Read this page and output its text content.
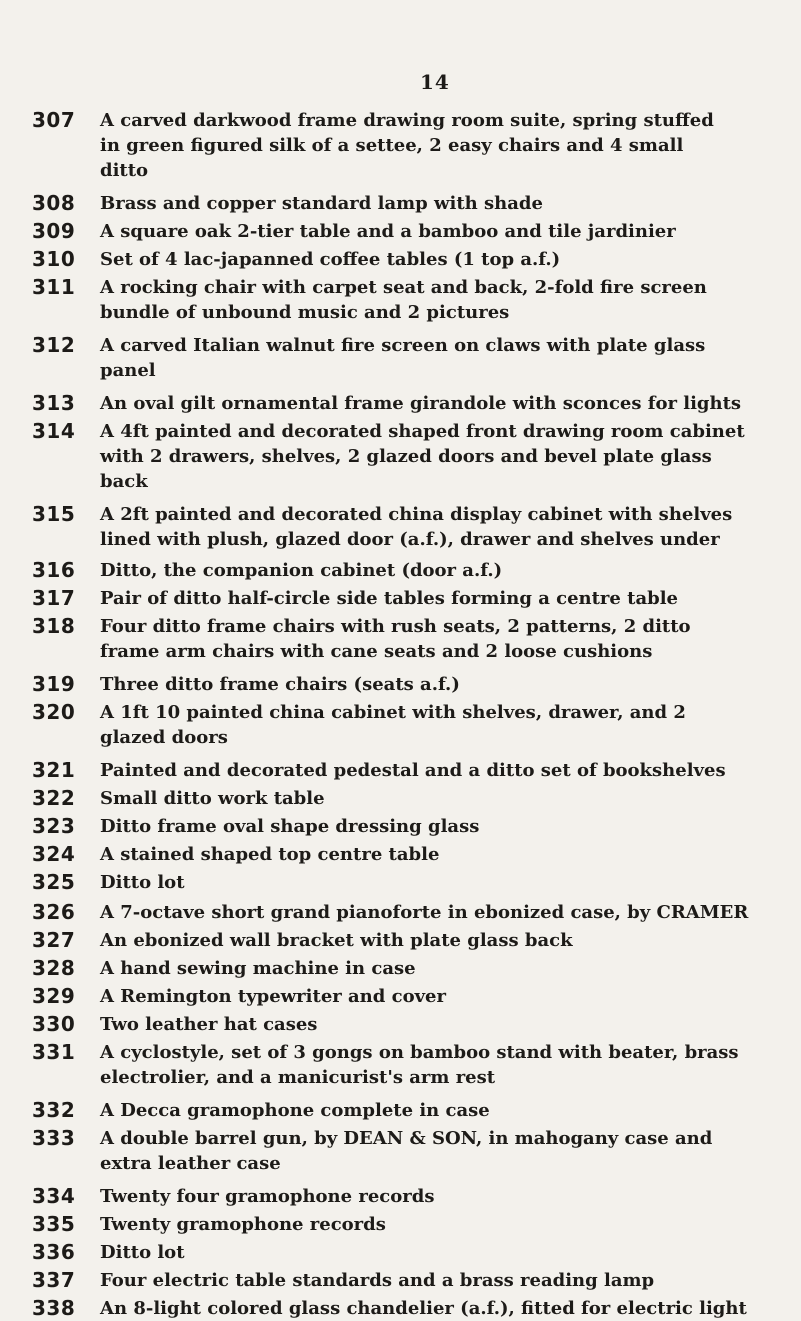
14
307	A carved darkwood frame drawing room suite, spring stuffed
in green figured silk of a settee, 2 easy chairs and 4 small
ditto
308	Brass and copper standard lamp with shade
309	A square oak 2-tier table and a bamboo and tile jardinier
310	Set of 4 lac-japanned coffee tables (1 top a.f.)
311	A rocking chair with carpet seat and back, 2-fold fire screen
bundle of unbound music and 2 pictures
312	A carved Italian walnut fire screen on claws with plate glass
panel
313	An oval gilt ornamental frame girandole with sconces for lights
314	A 4ft painted and decorated shaped front drawing room cabinet
with 2 drawers, shelves, 2 glazed doors and bevel plate glass
back
315	A 2ft painted and decorated china display cabinet with shelves
lined with plush, glazed door (a.f.), drawer and shelves under
316	Ditto, the companion cabinet (door a.f.)
317	Pair of ditto half-circle side tables forming a centre table
318	Four ditto frame chairs with rush seats, 2 patterns, 2 ditto
frame arm chairs with cane seats and 2 loose cushions
319	Three ditto frame chairs (seats a.f.)
320	A 1ft 10 painted china cabinet with shelves, drawer, and 2
glazed doors
321	Painted and decorated pedestal and a ditto set of bookshelves
322	Small ditto work table
323	Ditto frame oval shape dressing glass
324	A stained shaped top centre table
325	Ditto lot
326	A 7-octave short grand pianoforte in ebonized case, by CRAMER
327	An ebonized wall bracket with plate glass back
328	A hand sewing machine in case
329	A Remington typewriter and cover
330	Two leather hat cases
331	A cyclostyle, set of 3 gongs on bamboo stand with beater, brass
electrolier, and a manicurist's arm rest
332	A Decca gramophone complete in case
333	A double barrel gun, by DEAN & SON, in mahogany case and
extra leather case
334	Twenty four gramophone records
335	Twenty gramophone records
336	Ditto lot
337	Four electric table standards and a brass reading lamp
338	An 8-light colored glass chandelier (a.f.), fitted for electric light
